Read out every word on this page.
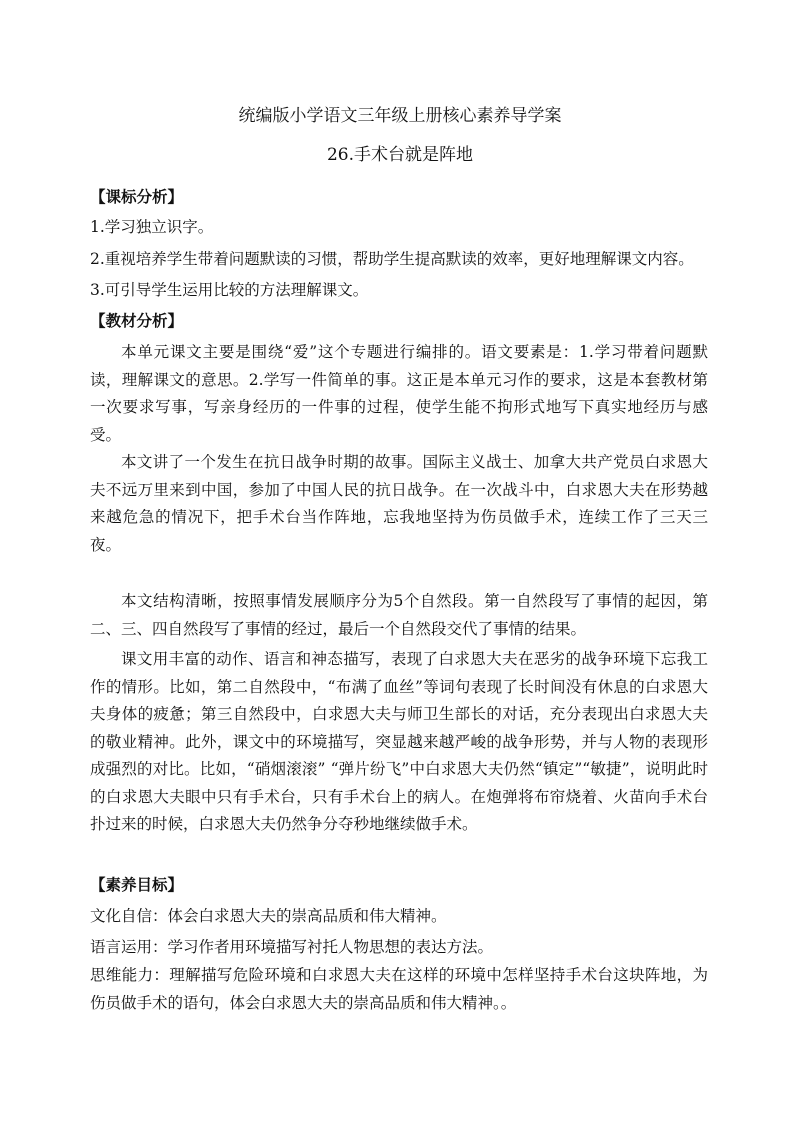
统编版小学语文三年级上册核心素养导学案
26.手术台就是阵地
【课标分析】
1.学习独立识字。
2.重视培养学生带着问题默读的习惯，帮助学生提高默读的效率，更好地理解课文内容。
3.可引导学生运用比较的方法理解课文。
【教材分析】
本单元课文主要是围绕“爱”这个专题进行编排的。语文要素是：1.学习带着问题默读，理解课文的意思。2.学写一件简单的事。这正是本单元习作的要求，这是本套教材第一次要求写事，写亲身经历的一件事的过程，使学生能不拘形式地写下真实地经历与感受。
本文讲了一个发生在抗日战争时期的故事。国际主义战士、加拿大共产党员白求恩大夫不远万里来到中国，参加了中国人民的抗日战争。在一次战斗中，白求恩大夫在形势越来越危急的情况下，把手术台当作阵地，忘我地坚持为伤员做手术，连续工作了三天三夜。
本文结构清晰，按照事情发展顺序分为5个自然段。第一自然段写了事情的起因，第二、三、四自然段写了事情的经过，最后一个自然段交代了事情的结果。
课文用丰富的动作、语言和神态描写，表现了白求恩大夫在恶劣的战争环境下忘我工作的情形。比如，第二自然段中，“布满了血丝”等词句表现了长时间没有休息的白求恩大夫身体的疲惫；第三自然段中，白求恩大夫与师卫生部长的对话，充分表现出白求恩大夫的敬业精神。此外，课文中的环境描写，突显越来越严峻的战争形势，并与人物的表现形成强烈的对比。比如，“硝烟滚滚” “弹片纷飞”中白求恩大夫仍然“镇定”“敏捷”，说明此时的白求恩大夫眼中只有手术台，只有手术台上的病人。在炮弹将布帘烧着、火苗向手术台扑过来的时候，白求恩大夫仍然争分夺秒地继续做手术。
【素养目标】
文化自信：体会白求恩大夫的崇高品质和伟大精神。
语言运用：学习作者用环境描写衬托人物思想的表达方法。
思维能力：理解描写危险环境和白求恩大夫在这样的环境中怎样坚持手术台这块阵地，为伤员做手术的语句，体会白求恩大夫的崇高品质和伟大精神。。
